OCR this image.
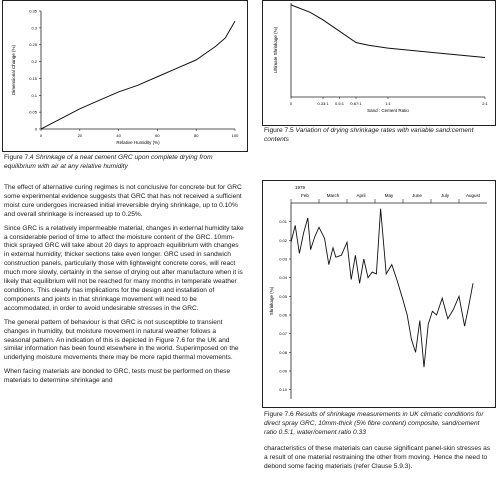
0	20	40	60	80	100
0
0.05
0.1
0.15
0.2
0.25
0.3
0.35
Relative Humidity (%)
Dimensional Change (%)
Figure 7.4 Shrinkage of a neat cement GRC upon complete drying from equilibrium with air at any relative humidity
0	0.33:1 0.5:1 0.67:1	1:1	2:1
Sand : Cement Ratio
Ultimate Shrinkage (%)
Figure 7.5 Variation of drying shrinkage rates with variable sand:cement contents
1979
Feb	March	April	May	June	July	August
0.01
0.02
0.03
0.04
0.05
0.06
0.07
0.08
0.09
0.10
Shrinkage (%)
Figure 7.6 Results of shrinkage measurements in UK climatic conditions for direct spray GRC, 10mm-thick (5% fibre content) composite, sand/cement ratio 0.5:1, water/cement ratio 0.33

The effect of alternative curing regimes is not conclusive for concrete but for GRC some experimental evidence suggests that GRC that has not received a sufficient moist cure undergoes increased initial irreversible drying shrinkage, up to 0.10% and overall shrinkage is increased up to 0.25%.

Since GRC is a relatively impermeable material, changes in external humidity take a considerable period of time to affect the moisture content of the GRC. 10mm-thick sprayed GRC will take about 20 days to approach equilibrium with changes in external humidity; thicker sections take even longer. GRC used in sandwich construction panels, particularly those with lightweight concrete cores, will react much more slowly, certainly in the sense of drying out after manufacture when it is likely that equilibrium will not be reached for many months in temperate weather conditions. This clearly has implications for the design and installation of components and joints in that shrinkage movement will need to be accommodated, in order to avoid undesirable stresses in the GRC.

The general pattern of behaviour is that GRC is not susceptible to transient changes in humidity, but moisture movement in natural weather follows a seasonal pattern. An indication of this is depicted in Figure 7.6 for the UK and similar information has been found elsewhere in the world. Superimposed on the underlying moisture movements there may be more rapid thermal movements.

When facing materials are bonded to GRC, tests must be performed on these materials to determine shrinkage and

characteristics of these materials can cause significant panel-skin stresses as a result of one material restraining the other from moving. Hence the need to debond some facing materials (refer Clause 5.9.3).
